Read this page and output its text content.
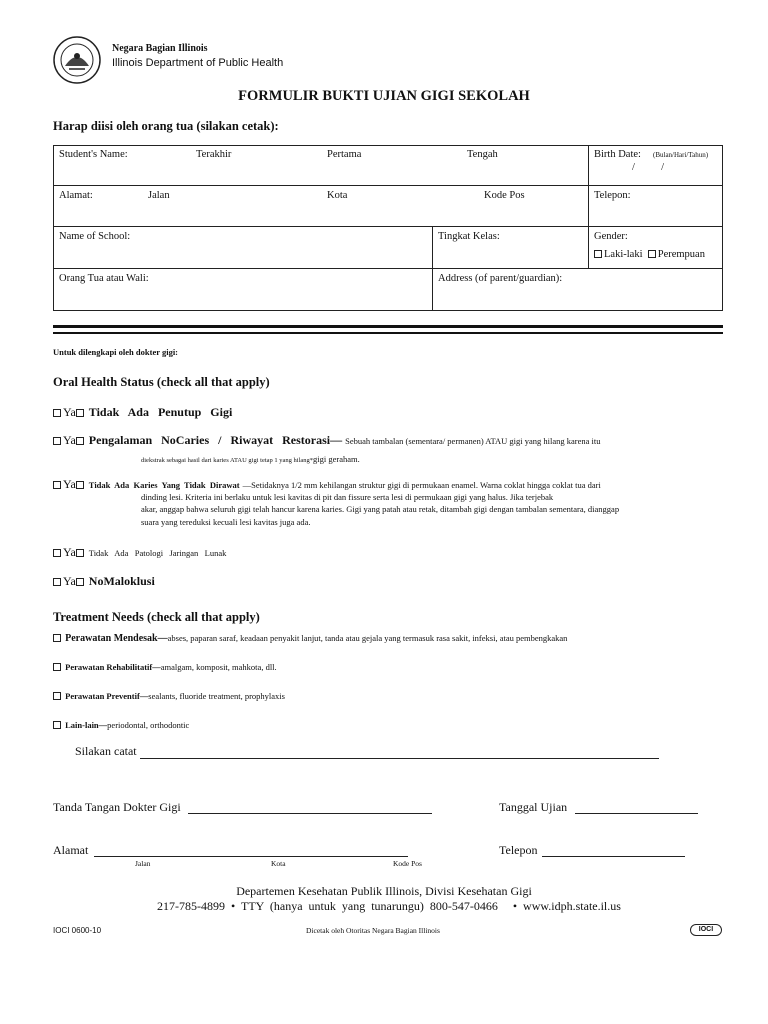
Negara Bagian Illinois
Illinois Department of Public Health
FORMULIR BUKTI UJIAN GIGI SEKOLAH
Harap diisi oleh orang tua (silakan cetak):
Student's Name:	Terakhir	Pertama	Tengah	Birth Date: (Bulan/Hari/Tahun)
/          /
Alamat:	Jalan	Kota	Kode Pos	Telepon:
Name of School:	Tingkat Kelas:	Gender:
Laki-laki Perempuan
Orang Tua atau Wali:	Address (of parent/guardian):
Untuk dilengkapi oleh dokter gigi:
Oral Health Status (check all that apply)
Ya Tidak   Ada   Penutup   Gigi
Ya Pengalaman   NoCaries   /   Riwayat   Restorasi— Sebuah tambalan (sementara/ permanen) ATAU gigi yang hilang karena itu
diekstrak sebagai hasil dari karies ATAU gigi tetap 1 yang hilang*gigi geraham.
Ya Tidak  Ada  Karies  Yang  Tidak  Dirawat —Setidaknya 1/2 mm kehilangan struktur gigi di permukaan enamel. Warna coklat hingga coklat tua dari
dinding lesi. Kriteria ini berlaku untuk lesi kavitas di pit dan fissure serta lesi di permukaan gigi yang halus. Jika terjebak
akar, anggap bahwa seluruh gigi telah hancur karena karies. Gigi yang patah atau retak, ditambah gigi dengan tambalan sementara, dianggap
suara yang tereduksi kecuali lesi kavitas juga ada.
Ya Tidak   Ada   Patologi   Jaringan   Lunak
Ya NoMaloklusi
Treatment Needs (check all that apply)
Perawatan Mendesak—abses, paparan saraf, keadaan penyakit lanjut, tanda atau gejala yang termasuk rasa sakit, infeksi, atau pembengkakan
Perawatan Rehabilitatif—amalgam, komposit, mahkota, dll.
Perawatan Preventif—sealants, fluoride treatment, prophylaxis
Lain-lain—periodontal, orthodontic
Silakan catat
Tanda Tangan Dokter Gigi	Tanggal Ujian
Alamat	Telepon
Jalan	Kota	Kode Pos
Departemen Kesehatan Publik Illinois, Divisi Kesehatan Gigi
217-785-4899  •  TTY  (hanya  untuk  yang  tunarungu)  800-547-0466     •  www.idph.state.il.us
IOCI 0600-10	Dicetak oleh Otoritas Negara Bagian Illinois	IOCI
